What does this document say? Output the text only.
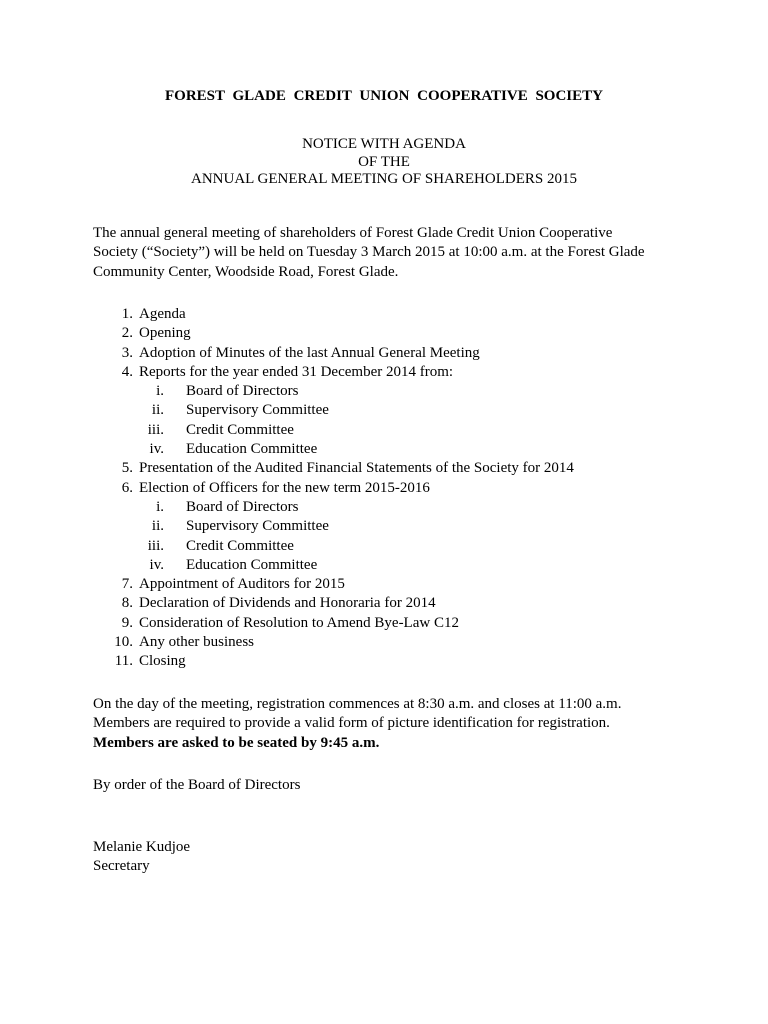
FOREST GLADE CREDIT UNION COOPERATIVE SOCIETY
NOTICE WITH AGENDA
OF THE
ANNUAL GENERAL MEETING OF SHAREHOLDERS 2015
The annual general meeting of shareholders of Forest Glade Credit Union Cooperative
Society (“Society”) will be held on Tuesday 3 March 2015 at 10:00 a.m. at the Forest Glade
Community Center, Woodside Road, Forest Glade.
1. Agenda
2. Opening
3. Adoption of Minutes of the last Annual General Meeting
4. Reports for the year ended 31 December 2014 from:
i. Board of Directors
ii. Supervisory Committee
iii. Credit Committee
iv. Education Committee
5. Presentation of the Audited Financial Statements of the Society for 2014
6. Election of Officers for the new term 2015-2016
i. Board of Directors
ii. Supervisory Committee
iii. Credit Committee
iv. Education Committee
7. Appointment of Auditors for 2015
8. Declaration of Dividends and Honoraria for 2014
9. Consideration of Resolution to Amend Bye-Law C12
10. Any other business
11. Closing
On the day of the meeting, registration commences at 8:30 a.m. and closes at 11:00 a.m.
Members are required to provide a valid form of picture identification for registration.
Members are asked to be seated by 9:45 a.m.
By order of the Board of Directors
Melanie Kudjoe
Secretary
